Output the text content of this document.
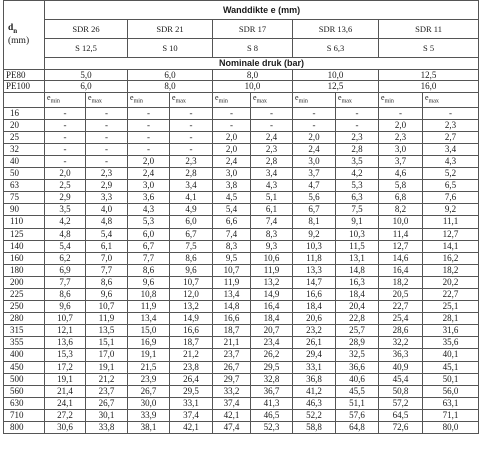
$d_n$
(mm)	Wanddikte e (mm)									
	SDR 26		SDR 21		SDR 17		SDR 13,6		SDR 11	
	S 12,5		S 10		S 8		S 6,3		S 5	
	Nominale druk (bar)									
PE80	5,0		6,0		8,0		10,0		12,5	
PE100	6,0		8,0		10,0		12,5		16,0	
	$e_{min}$	$e_{max}$	$e_{min}$	$e_{max}$	$e_{min}$	$e_{max}$	$e_{min}$	$e_{max}$	$e_{min}$	$e_{max}$
16	-	-	-	-	-	-	-	-	-	-
20	-	-	-	-	-	-	-	-	2,0	2,3
25	-	-	-	-	2,0	2,4	2,0	2,3	2,3	2,7
32	-	-	-	-	2,0	2,3	2,4	2,8	3,0	3,4
40	-	-	2,0	2,3	2,4	2,8	3,0	3,5	3,7	4,3
50	2,0	2,3	2,4	2,8	3,0	3,4	3,7	4,2	4,6	5,2
63	2,5	2,9	3,0	3,4	3,8	4,3	4,7	5,3	5,8	6,5
75	2,9	3,3	3,6	4,1	4,5	5,1	5,6	6,3	6,8	7,6
90	3,5	4,0	4,3	4,9	5,4	6,1	6,7	7,5	8,2	9,2
110	4,2	4,8	5,3	6,0	6,6	7,4	8,1	9,1	10,0	11,1
125	4,8	5,4	6,0	6,7	7,4	8,3	9,2	10,3	11,4	12,7
140	5,4	6,1	6,7	7,5	8,3	9,3	10,3	11,5	12,7	14,1
160	6,2	7,0	7,7	8,6	9,5	10,6	11,8	13,1	14,6	16,2
180	6,9	7,7	8,6	9,6	10,7	11,9	13,3	14,8	16,4	18,2
200	7,7	8,6	9,6	10,7	11,9	13,2	14,7	16,3	18,2	20,2
225	8,6	9,6	10,8	12,0	13,4	14,9	16,6	18,4	20,5	22,7
250	9,6	10,7	11,9	13,2	14,8	16,4	18,4	20,4	22,7	25,1
280	10,7	11,9	13,4	14,9	16,6	18,4	20,6	22,8	25,4	28,1
315	12,1	13,5	15,0	16,6	18,7	20,7	23,2	25,7	28,6	31,6
355	13,6	15,1	16,9	18,7	21,1	23,4	26,1	28,9	32,2	35,6
400	15,3	17,0	19,1	21,2	23,7	26,2	29,4	32,5	36,3	40,1
450	17,2	19,1	21,5	23,8	26,7	29,5	33,1	36,6	40,9	45,1
500	19,1	21,2	23,9	26,4	29,7	32,8	36,8	40,6	45,4	50,1
560	21,4	23,7	26,7	29,5	33,2	36,7	41,2	45,5	50,8	56,0
630	24,1	26,7	30,0	33,1	37,4	41,3	46,3	51,1	57,2	63,1
710	27,2	30,1	33,9	37,4	42,1	46,5	52,2	57,6	64,5	71,1
800	30,6	33,8	38,1	42,1	47,4	52,3	58,8	64,8	72,6	80,0
